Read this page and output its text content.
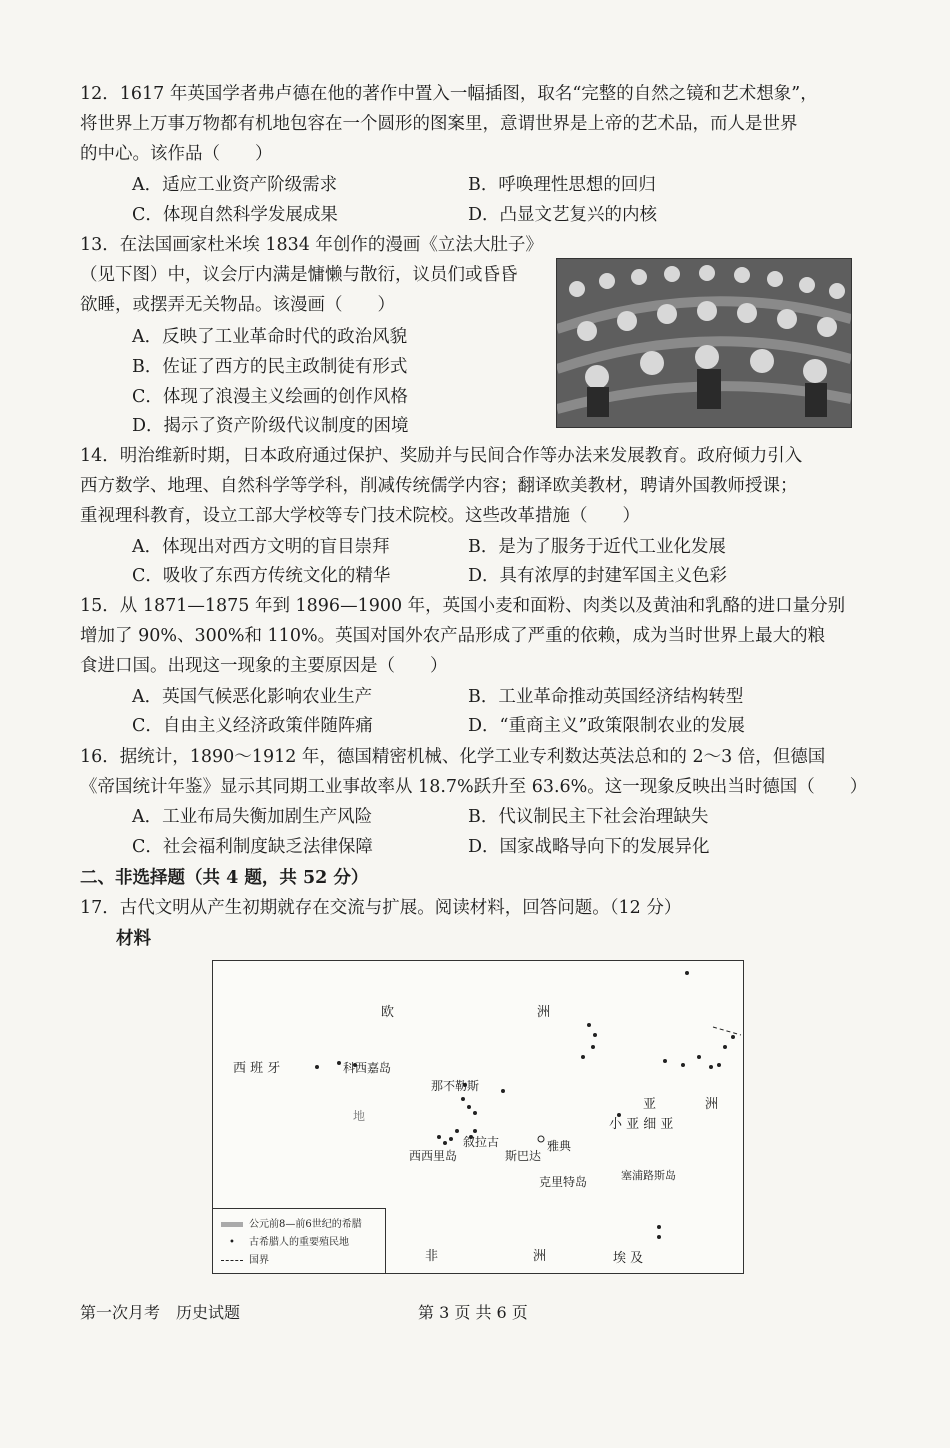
12．1617 年英国学者弗卢德在他的著作中置入一幅插图，取名“完整的自然之镜和艺术想象”，
将世界上万事万物都有机地包容在一个圆形的图案里，意谓世界是上帝的艺术品，而人是世界
的中心。该作品（　　）
A．适应工业资产阶级需求	B．呼唤理性思想的回归
C．体现自然科学发展成果	D．凸显文艺复兴的内核
13．在法国画家杜米埃 1834 年创作的漫画《立法大肚子》
（见下图）中，议会厅内满是慵懒与散衍，议员们或昏昏
欲睡，或摆弄无关物品。该漫画（　　）
A．反映了工业革命时代的政治风貌
B．佐证了西方的民主政制徒有形式
C．体现了浪漫主义绘画的创作风格
D．揭示了资产阶级代议制度的困境
14．明治维新时期，日本政府通过保护、奖励并与民间合作等办法来发展教育。政府倾力引入
西方数学、地理、自然科学等学科，削减传统儒学内容；翻译欧美教材，聘请外国教师授课；
重视理科教育，设立工部大学校等专门技术院校。这些改革措施（　　）
A．体现出对西方文明的盲目崇拜	B．是为了服务于近代工业化发展
C．吸收了东西方传统文化的精华	D．具有浓厚的封建军国主义色彩
15．从 1871—1875 年到 1896—1900 年，英国小麦和面粉、肉类以及黄油和乳酪的进口量分别
增加了 90%、300%和 110%。英国对国外农产品形成了严重的依赖，成为当时世界上最大的粮
食进口国。出现这一现象的主要原因是（　　）
A．英国气候恶化影响农业生产	B．工业革命推动英国经济结构转型
C．自由主义经济政策伴随阵痛	D．“重商主义”政策限制农业的发展
16．据统计，1890～1912 年，德国精密机械、化学工业专利数达英法总和的 2～3 倍，但德国
《帝国统计年鉴》显示其同期工业事故率从 18.7%跃升至 63.6%。这一现象反映出当时德国（　　）
A．工业布局失衡加剧生产风险	B．代议制民主下社会治理缺失
C．社会福利制度缺乏法律保障	D．国家战略导向下的发展异化
二、非选择题（共 4 题，共 52 分）
17．古代文明从产生初期就存在交流与扩展。阅读材料，回答问题。（12 分）
材料
欧	洲
西 班 牙	科西嘉岛
那不勒斯
地
亚	洲
小 亚 细 亚
西西里岛
叙拉古
斯巴达
雅典
克里特岛	塞浦路斯岛
非	洲	埃 及
公元前8—前6世纪的希腊
• 古希腊人的重要殖民地
国界
第一次月考　历史试题	第 3 页 共 6 页
